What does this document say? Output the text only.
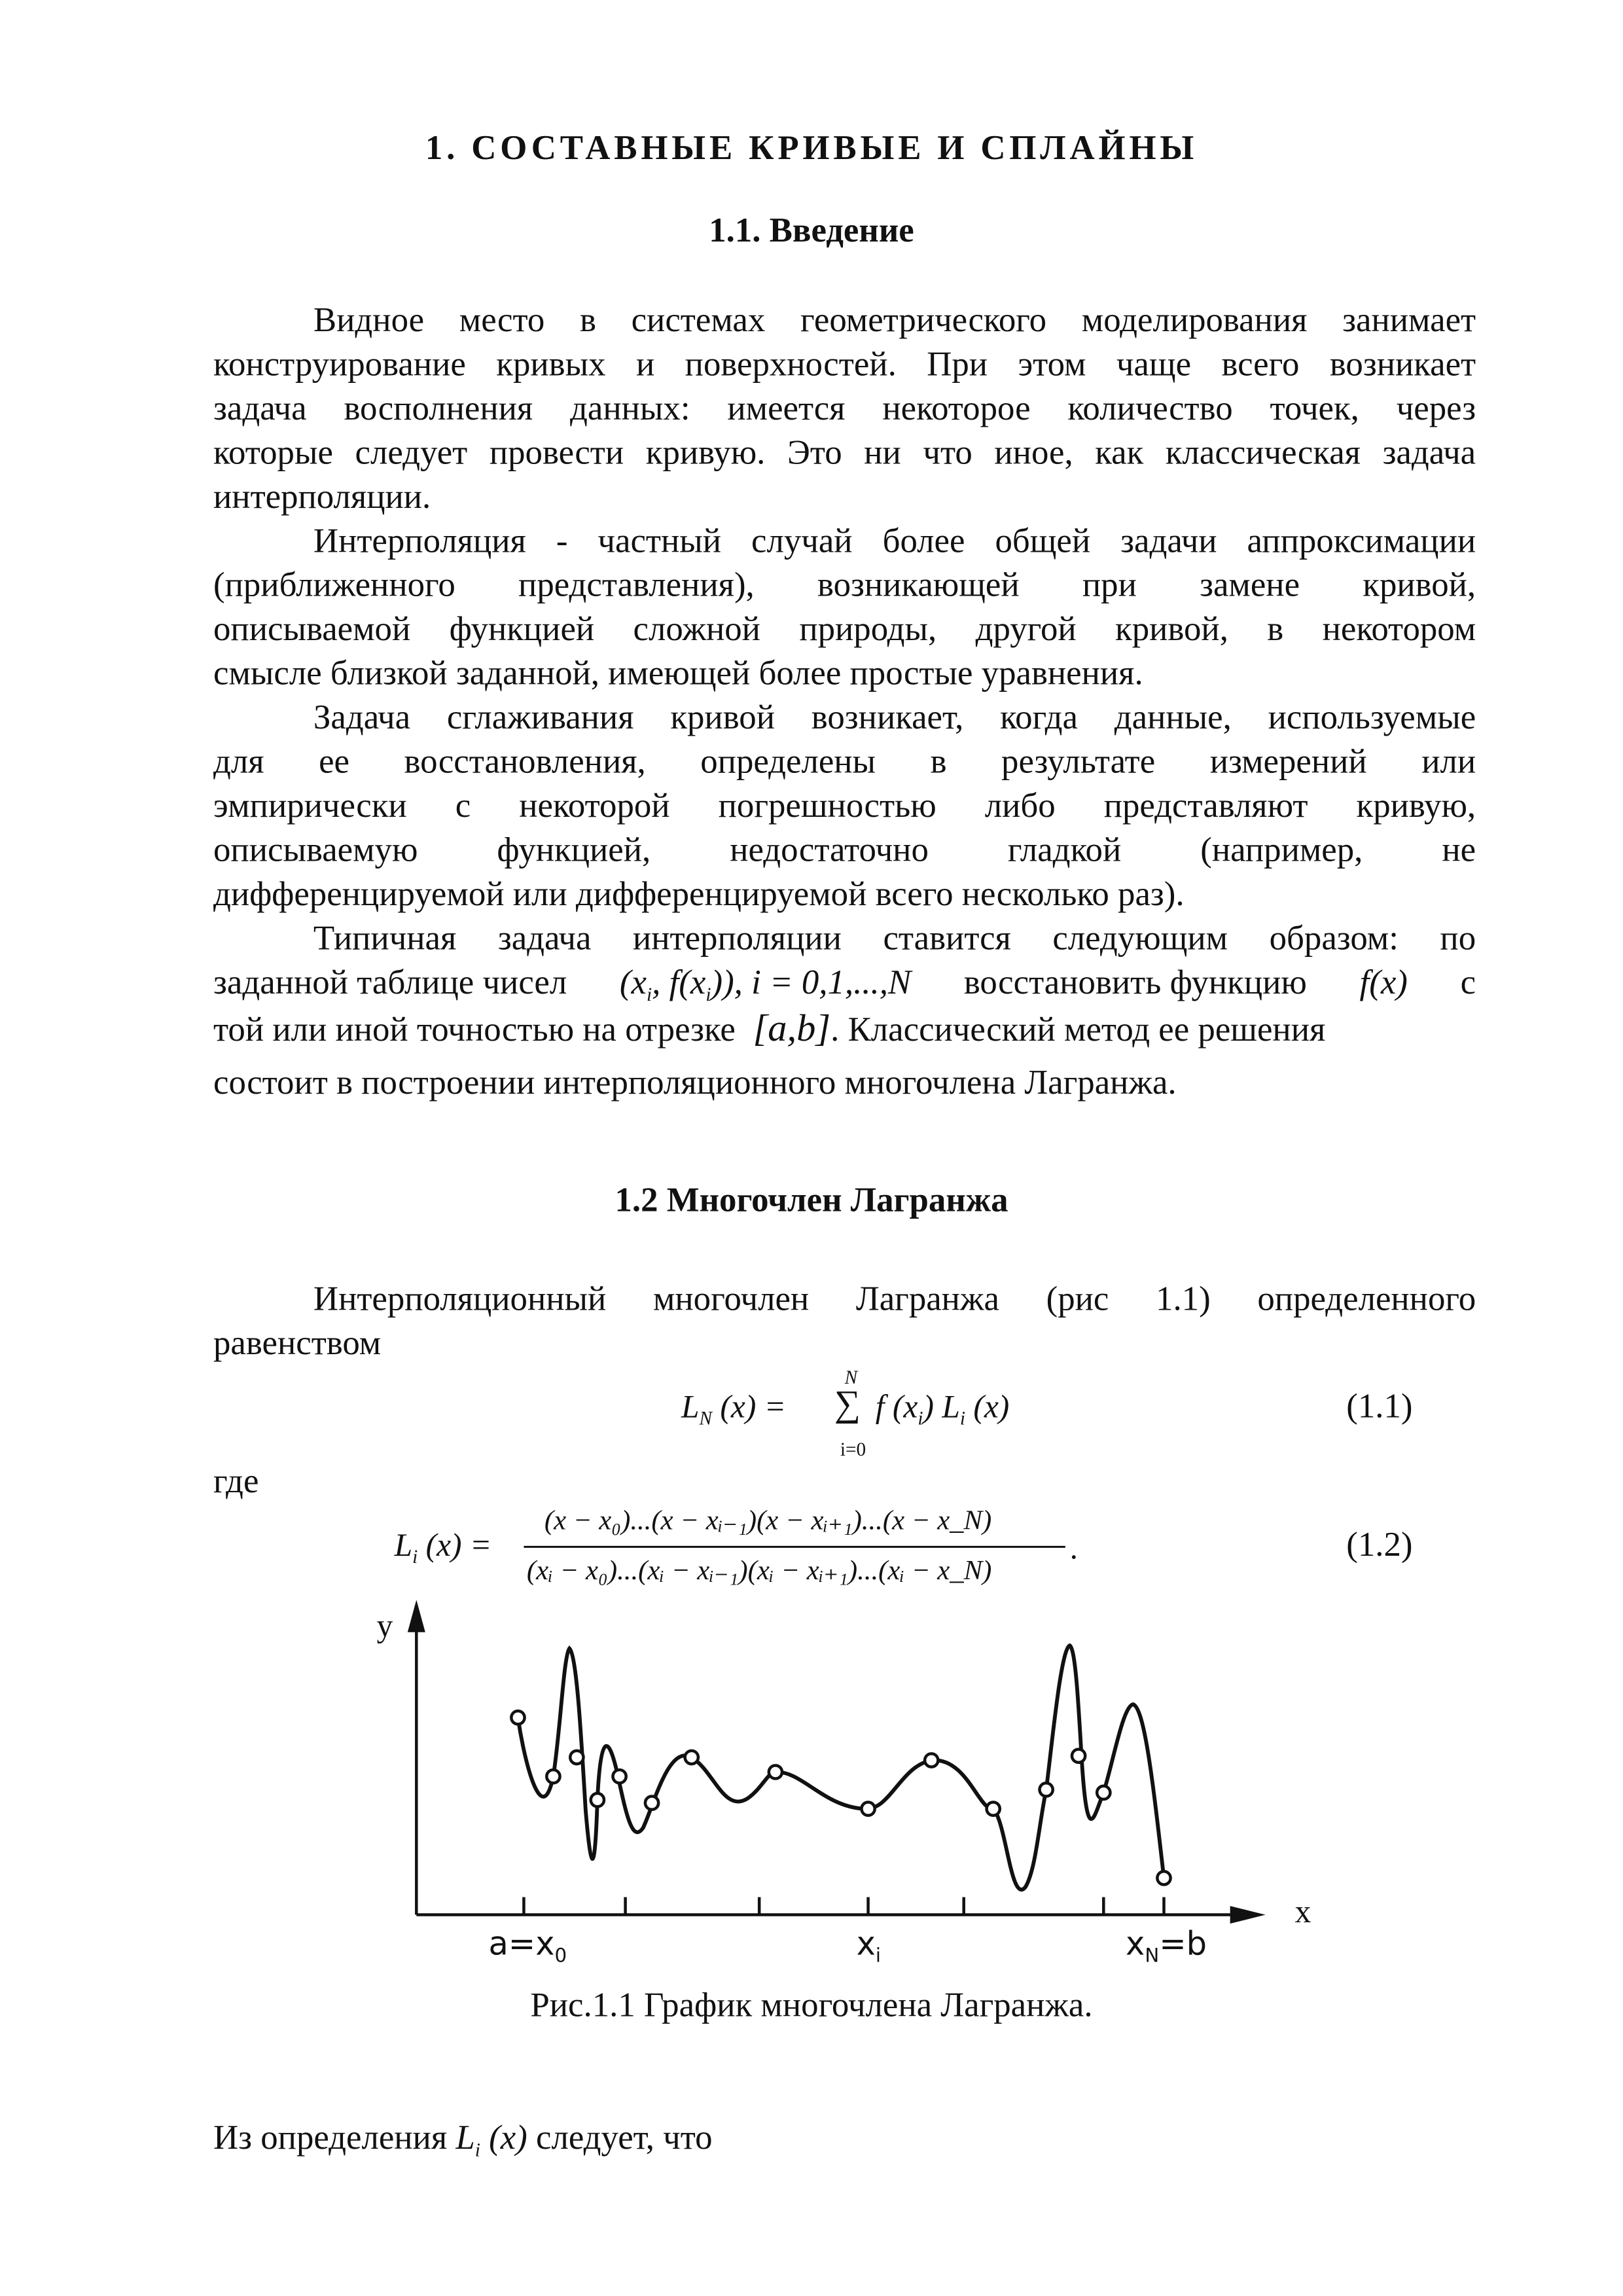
1. СОСТАВНЫЕ КРИВЫЕ И СПЛАЙНЫ
1.1. Введение
Видное место в системах геометрического моделирования занимает
конструирование кривых и поверхностей. При этом чаще всего возникает
задача восполнения данных: имеется некоторое количество точек, через
которые следует провести кривую. Это ни что иное, как классическая задача
интерполяции.
Интерполяция - частный случай более общей задачи аппроксимации
(приближенного представления), возникающей при замене кривой,
описываемой функцией сложной природы, другой кривой, в некотором
смысле близкой заданной, имеющей более простые уравнения.
Задача сглаживания кривой возникает, когда данные, используемые
для ее восстановления, определены в результате измерений или
эмпирически с некоторой погрешностью либо представляют кривую,
описываемую функцией, недостаточно гладкой (например, не
дифференцируемой или дифференцируемой всего несколько раз).
Типичная задача интерполяции ставится следующим образом: по
заданной таблице чисел	($x_i$, $f(x_i)$), i = 0,1,...,N	восстановить функцию	f(x)	с
той или иной точностью на отрезке [a,b]. Классический метод ее решения
состоит в построении интерполяционного многочлена Лагранжа.
1.2 Многочлен Лагранжа
Интерполяционный многочлен Лагранжа (рис 1.1) определенного
равенством
$L_N$ (x) =
N
∑
i=0
f $(x_i)$ $L_i$ (x)	(1.1)
где
$L_i$ (x) =
(x − x₀)...(x − xᵢ₋₁)(x − xᵢ₊₁)...(x − x_N)
(xᵢ − x₀)...(xᵢ − xᵢ₋₁)(xᵢ − xᵢ₊₁)...(xᵢ − x_N)
.	(1.2)
y
x
$a=x_0$	$x_i$	$x_N=b$
Рис.1.1 График многочлена Лагранжа.
Из определения $L_i$ (x) следует, что
